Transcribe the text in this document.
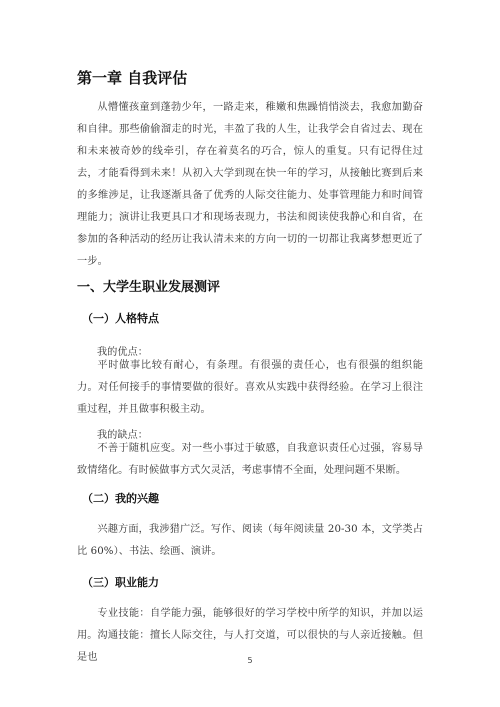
第一章 自我评估
从懵懂孩童到蓬勃少年，一路走来，稚嫩和焦躁悄悄淡去，我愈加勤奋和自律。那些偷偷溜走的时光，丰盈了我的人生，让我学会自省过去、现在和未来被奇妙的线牵引，存在着莫名的巧合，惊人的重复。只有记得住过去，才能看得到未来！从初入大学到现在快一年的学习，从接触比赛到后来的多维涉足，让我逐渐具备了优秀的人际交往能力、处事管理能力和时间管理能力；演讲让我更具口才和现场表现力，书法和阅读使我静心和自省，在参加的各种活动的经历让我认清未来的方向一切的一切都让我离梦想更近了一步。
一、大学生职业发展测评
（一）人格特点
我的优点：
平时做事比较有耐心，有条理。有很强的责任心，也有很强的组织能力。对任何接手的事情要做的很好。喜欢从实践中获得经验。在学习上很注重过程，并且做事积极主动。
我的缺点：
不善于随机应变。对一些小事过于敏感，自我意识责任心过强，容易导致情绪化。有时候做事方式欠灵活，考虑事情不全面，处理问题不果断。
（二）我的兴趣
兴趣方面，我涉猎广泛。写作、阅读（每年阅读量 20-30 本，文学类占比 60%）、书法、绘画、演讲。
（三）职业能力
专业技能：自学能力强，能够很好的学习学校中所学的知识，并加以运用。 沟通技能：擅长人际交往，与人打交道，可以很快的与人亲近接触。但是也	5
